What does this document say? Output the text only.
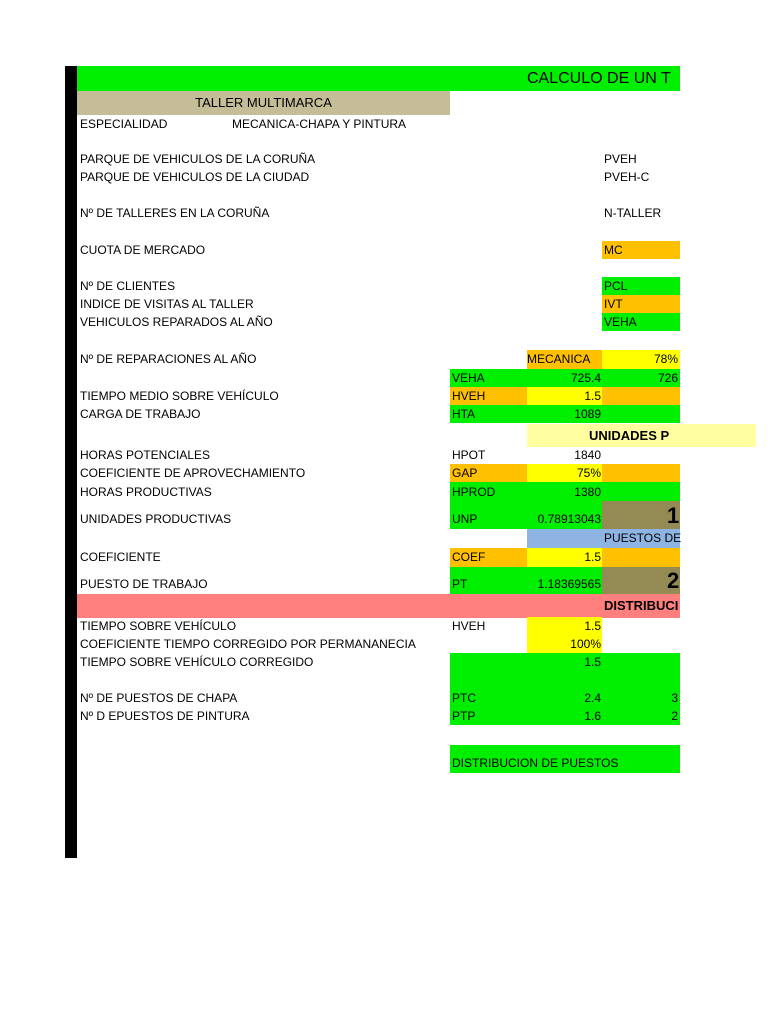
CALCULO DE UN T
TALLER MULTIMARCA
ESPECIALIDAD	MECANICA-CHAPA Y PINTURA
PARQUE DE VEHICULOS DE LA CORUÑA	PVEH
PARQUE DE VEHICULOS DE LA CIUDAD	PVEH-C
Nº DE TALLERES EN LA CORUÑA	N-TALLER
CUOTA DE MERCADO	MC
Nº DE CLIENTES	PCL
INDICE DE VISITAS AL TALLER	IVT
VEHICULOS REPARADOS AL AÑO	VEHA
Nº DE REPARACIONES AL AÑO	MECANICA	78%
VEHA	725.4	726
TIEMPO MEDIO SOBRE VEHÍCULO	HVEH	1.5
CARGA DE TRABAJO	HTA	1089
UNIDADES P
HORAS POTENCIALES	HPOT	1840
COEFICIENTE DE APROVECHAMIENTO	GAP	75%
HORAS PRODUCTIVAS	HPROD	1380
UNIDADES PRODUCTIVAS	UNP	0.78913043	1
PUESTOS DE
COEFICIENTE	COEF	1.5
PUESTO DE TRABAJO	PT	1.18369565	2
DISTRIBUCI
TIEMPO SOBRE VEHÍCULO	HVEH	1.5
COEFICIENTE TIEMPO CORREGIDO POR PERMANANECIA	100%
TIEMPO SOBRE VEHÍCULO CORREGIDO	1.5
Nº DE PUESTOS DE CHAPA	PTC	2.4	3
Nº D EPUESTOS DE PINTURA	PTP	1.6	2
DISTRIBUCION DE PUESTOS
